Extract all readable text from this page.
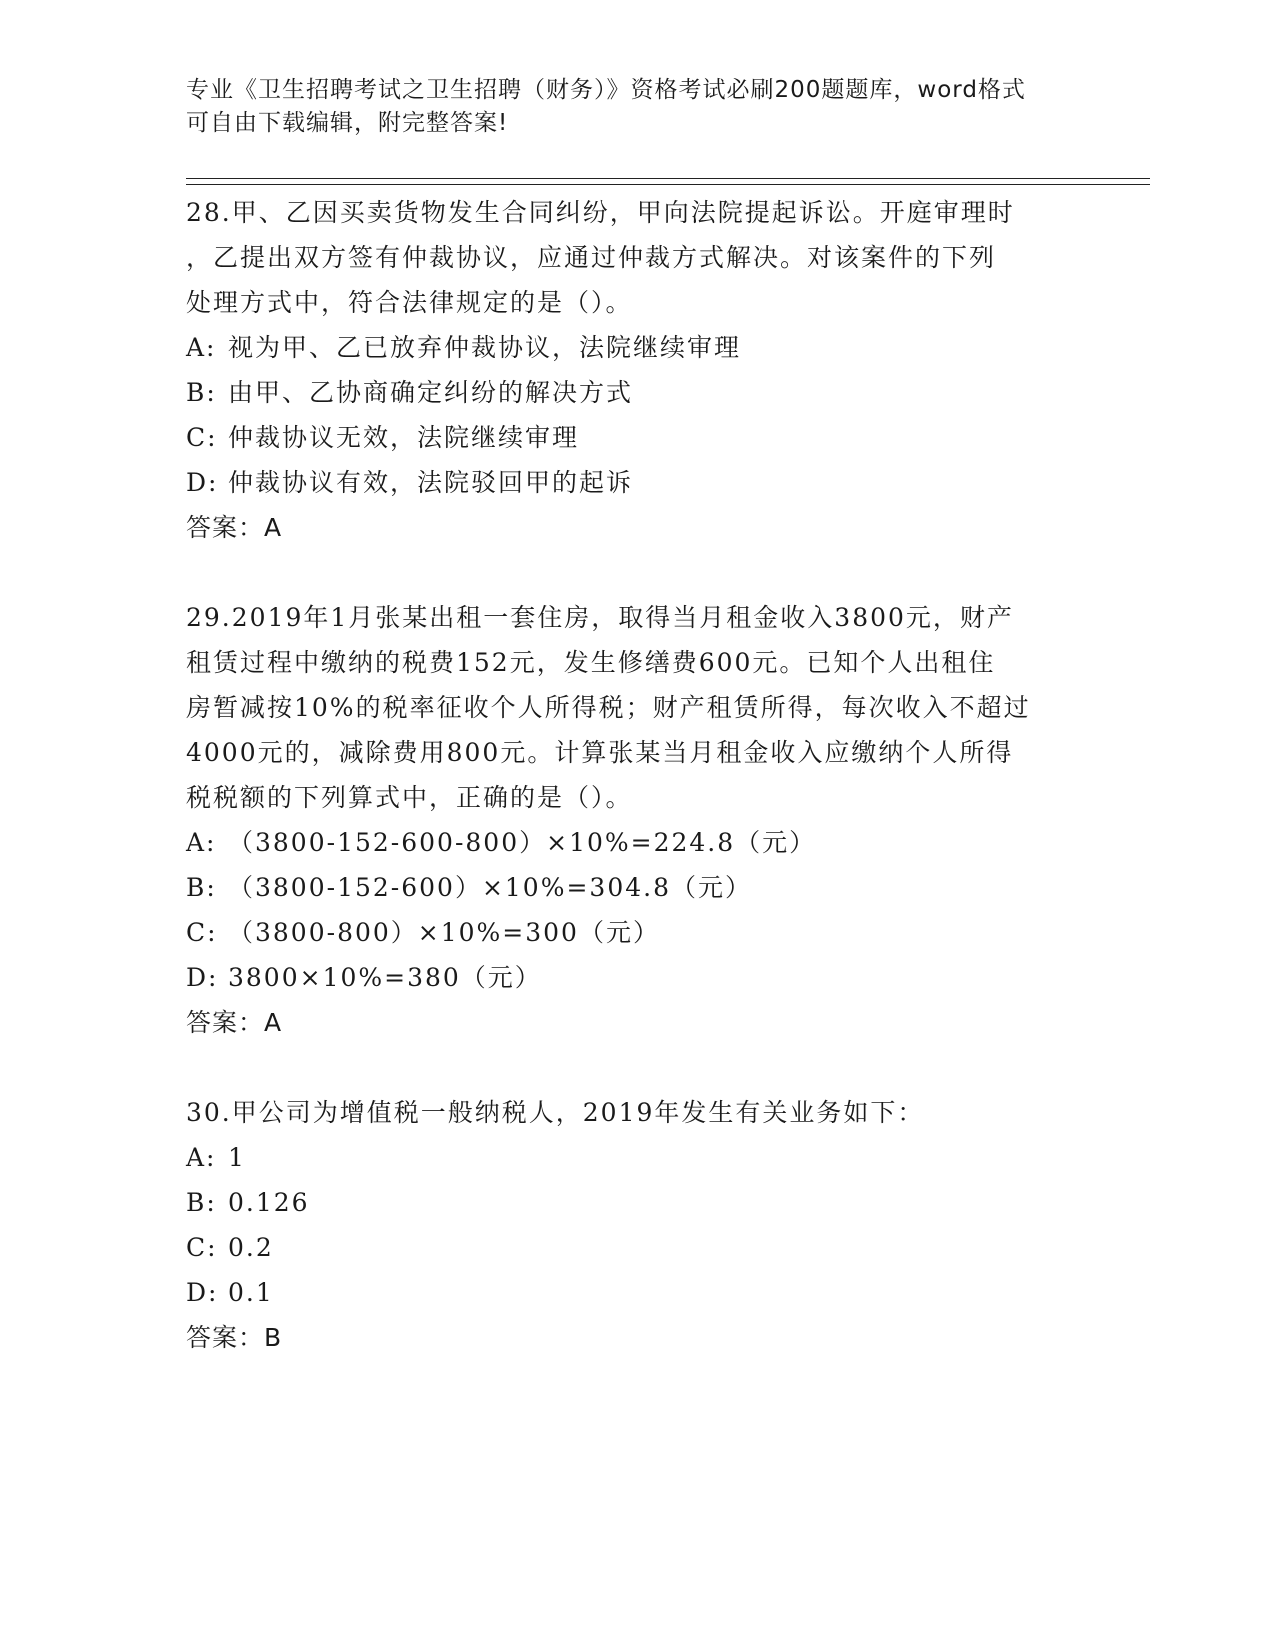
专业《卫生招聘考试之卫生招聘（财务）》资格考试必刷200题题库，word格式
可自由下载编辑，附完整答案!

28.甲、乙因买卖货物发生合同纠纷，甲向法院提起诉讼。开庭审理时

，乙提出双方签有仲裁协议，应通过仲裁方式解决。对该案件的下列

处理方式中，符合法律规定的是（）。

A: 视为甲、乙已放弃仲裁协议，法院继续审理

B: 由甲、乙协商确定纠纷的解决方式

C: 仲裁协议无效，法院继续审理

D: 仲裁协议有效，法院驳回甲的起诉

答案：A

29.2019年1月张某出租一套住房，取得当月租金收入3800元，财产

租赁过程中缴纳的税费152元，发生修缮费600元。已知个人出租住

房暂减按10%的税率征收个人所得税；财产租赁所得，每次收入不超过

4000元的，减除费用800元。计算张某当月租金收入应缴纳个人所得

税税额的下列算式中，正确的是（）。

A: （3800-152-600-800）×10%=224.8（元）

B: （3800-152-600）×10%=304.8（元）

C: （3800-800）×10%=300（元）

D: 3800×10%=380（元）

答案：A

30.甲公司为增值税一般纳税人，2019年发生有关业务如下：

A: 1

B: 0.126

C: 0.2

D: 0.1

答案：B
